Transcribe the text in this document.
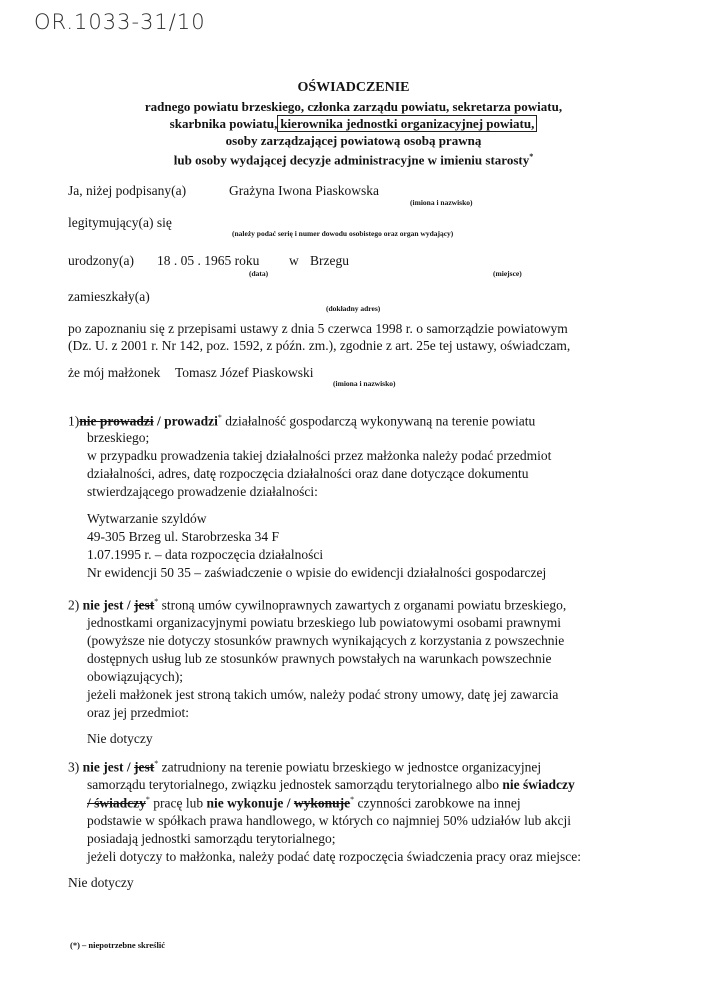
OR.1033-31/10
OŚWIADCZENIE
radnego powiatu brzeskiego, członka zarządu powiatu, sekretarza powiatu,
skarbnika powiatu, kierownika jednostki organizacyjnej powiatu,
osoby zarządzającej powiatową osobą prawną
lub osoby wydającej decyzje administracyjne w imieniu starosty*
Ja, niżej podpisany(a)	Grażyna Iwona Piaskowska
(imiona i nazwisko)
legitymujący(a) się
(należy podać serię i numer dowodu osobistego oraz organ wydający)
urodzony(a) 18 . 05 . 1965 roku w Brzegu
(data)	(miejsce)
zamieszkały(a)
(dokładny adres)
po zapoznaniu się z przepisami ustawy z dnia 5 czerwca 1998 r. o samorządzie powiatowym
(Dz. U. z 2001 r. Nr 142, poz. 1592, z późn. zm.), zgodnie z art. 25e tej ustawy, oświadczam,
że mój małżonek Tomasz Józef Piaskowski
(imiona i nazwisko)
1)nie prowadzi / prowadzi* działalność gospodarczą wykonywaną na terenie powiatu
brzeskiego;
w przypadku prowadzenia takiej działalności przez małżonka należy podać przedmiot
działalności, adres, datę rozpoczęcia działalności oraz dane dotyczące dokumentu
stwierdzającego prowadzenie działalności:
Wytwarzanie szyldów
49-305 Brzeg ul. Starobrzeska 34 F
1.07.1995 r. – data rozpoczęcia działalności
Nr ewidencji 50 35 – zaświadczenie o wpisie do ewidencji działalności gospodarczej
2) nie jest / jest* stroną umów cywilnoprawnych zawartych z organami powiatu brzeskiego,
jednostkami organizacyjnymi powiatu brzeskiego lub powiatowymi osobami prawnymi
(powyższe nie dotyczy stosunków prawnych wynikających z korzystania z powszechnie
dostępnych usług lub ze stosunków prawnych powstałych na warunkach powszechnie
obowiązujących);
jeżeli małżonek jest stroną takich umów, należy podać strony umowy, datę jej zawarcia
oraz jej przedmiot:
Nie dotyczy
3) nie jest / jest* zatrudniony na terenie powiatu brzeskiego w jednostce organizacyjnej
samorządu terytorialnego, związku jednostek samorządu terytorialnego albo nie świadczy
/ świadczy* pracę lub nie wykonuje / wykonuje* czynności zarobkowe na innej
podstawie w spółkach prawa handlowego, w których co najmniej 50% udziałów lub akcji
posiadają jednostki samorządu terytorialnego;
jeżeli dotyczy to małżonka, należy podać datę rozpoczęcia świadczenia pracy oraz miejsce:
Nie dotyczy
(*) – niepotrzebne skreślić
